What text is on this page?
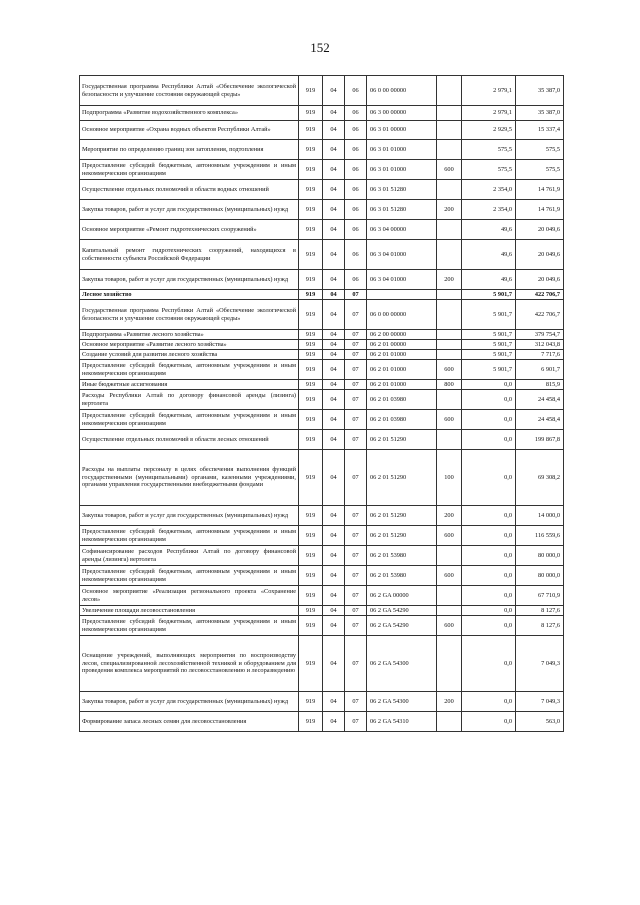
152
Государственная программа Республики Алтай «Обеспечение экологической безопасности и улучшение состояния окружающей среды»	919	04	06	06 0 00 00000		2 979,1	35 387,0
Подпрограмма «Развитие водохозяйственного комплекса»	919	04	06	06 3 00 00000		2 979,1	35 387,0
Основное мероприятие «Охрана водных объектов Республики Алтай»	919	04	06	06 3 01 00000		2 929,5	15 337,4
Мероприятие по определению границ зон затопления, подтопления	919	04	06	06 3 01 01000		575,5	575,5
Предоставление субсидий бюджетным, автономным учреждениям и иным некоммерческим организациям	919	04	06	06 3 01 01000	600	575,5	575,5
Осуществление отдельных полномочий в области водных отношений	919	04	06	06 3 01 51280		2 354,0	14 761,9
Закупка товаров, работ и услуг для государственных (муниципальных) нужд	919	04	06	06 3 01 51280	200	2 354,0	14 761,9
Основное мероприятие «Ремонт гидротехнических сооружений»	919	04	06	06 3 04 00000		49,6	20 049,6
Капитальный ремонт гидротехнических сооружений, находящихся в собственности субъекта Российской Федерации	919	04	06	06 3 04 01000		49,6	20 049,6
Закупка товаров, работ и услуг для государственных (муниципальных) нужд	919	04	06	06 3 04 01000	200	49,6	20 049,6
Лесное хозяйство	919	04	07			5 901,7	422 706,7
Государственная программа Республики Алтай «Обеспечение экологической безопасности и улучшение состояния окружающей среды»	919	04	07	06 0 00 00000		5 901,7	422 706,7
Подпрограмма «Развитие лесного хозяйства»	919	04	07	06 2 00 00000		5 901,7	379 754,7
Основное мероприятие «Развитие лесного хозяйства»	919	04	07	06 2 01 00000		5 901,7	312 043,8
Создание условий для развития лесного хозяйства	919	04	07	06 2 01 01000		5 901,7	7 717,6
Предоставление субсидий бюджетным, автономным учреждениям и иным некоммерческим организациям	919	04	07	06 2 01 01000	600	5 901,7	6 901,7
Иные бюджетные ассигнования	919	04	07	06 2 01 01000	800	0,0	815,9
Расходы Республики Алтай по договору финансовой аренды (лизинга) вертолета	919	04	07	06 2 01 03980		0,0	24 458,4
Предоставление субсидий бюджетным, автономным учреждениям и иным некоммерческим организациям	919	04	07	06 2 01 03980	600	0,0	24 458,4
Осуществление отдельных полномочий в области лесных отношений	919	04	07	06 2 01 51290		0,0	199 867,8
Расходы на выплаты персоналу в целях обеспечения выполнения функций государственными (муниципальными) органами, казенными учреждениями, органами управления государственными внебюджетными фондами	919	04	07	06 2 01 51290	100	0,0	69 308,2
Закупка товаров, работ и услуг для государственных (муниципальных) нужд	919	04	07	06 2 01 51290	200	0,0	14 000,0
Предоставление субсидий бюджетным, автономным учреждениям и иным некоммерческим организациям	919	04	07	06 2 01 51290	600	0,0	116 559,6
Софинансирование расходов Республики Алтай по договору финансовой аренды (лизинга) вертолета	919	04	07	06 2 01 53980		0,0	80 000,0
Предоставление субсидий бюджетным, автономным учреждениям и иным некоммерческим организациям	919	04	07	06 2 01 53980	600	0,0	80 000,0
Основное мероприятие «Реализация регионального проекта «Сохранение лесов»	919	04	07	06 2 GA 00000		0,0	67 710,9
Увеличение площади лесовосстановления	919	04	07	06 2 GA 54290		0,0	8 127,6
Предоставление субсидий бюджетным, автономным учреждениям и иным некоммерческим организациям	919	04	07	06 2 GA 54290	600	0,0	8 127,6
Оснащение учреждений, выполняющих мероприятия по воспроизводству лесов, специализированной лесохозяйственной техникой и оборудованием для проведения комплекса мероприятий по лесовосстановлению и лесоразведению	919	04	07	06 2 GA 54300		0,0	7 049,3
Закупка товаров, работ и услуг для государственных (муниципальных) нужд	919	04	07	06 2 GA 54300	200	0,0	7 049,3
Формирование запаса лесных семян для лесовосстановления	919	04	07	06 2 GA 54310		0,0	563,0
